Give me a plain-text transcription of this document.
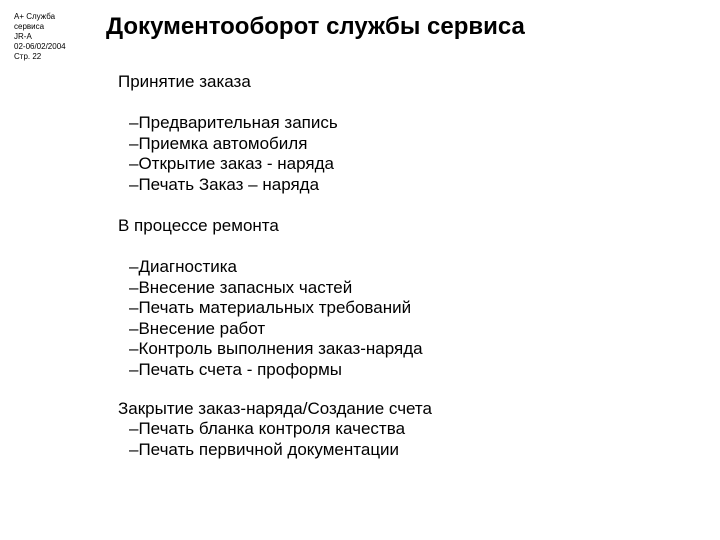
А+ Служба
сервиса
JR-A
02-06/02/2004
Стр. 22
Документооборот службы сервиса
Принятие заказа
–Предварительная запись
–Приемка автомобиля
–Открытие заказ - наряда
–Печать Заказ – наряда
В процессе ремонта
–Диагностика
–Внесение запасных частей
–Печать материальных требований
–Внесение работ
–Контроль выполнения заказ-наряда
–Печать счета - проформы
Закрытие заказ-наряда/Создание счета
–Печать бланка контроля качества
–Печать первичной документации
